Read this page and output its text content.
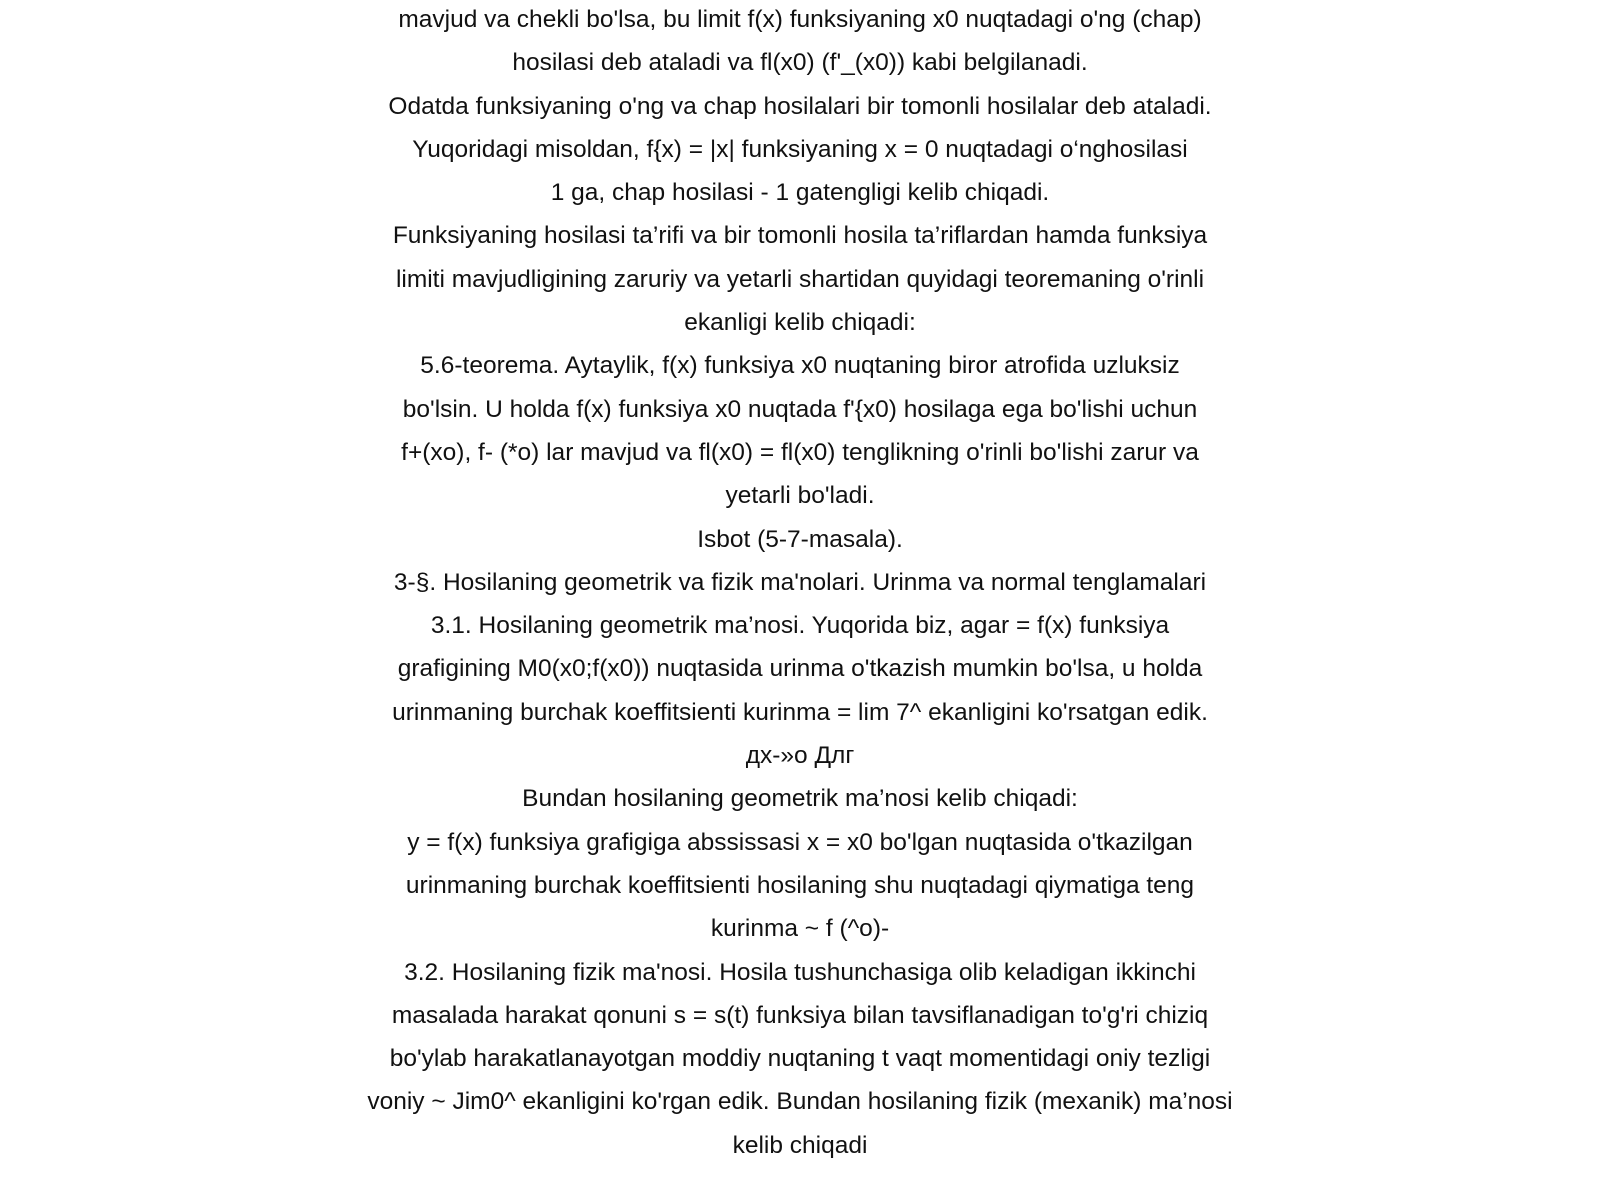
mavjud va chekli bo'lsa, bu limit f(x) funksiyaning x0 nuqtadagi o'ng (chap)
hosilasi deb ataladi va fl(x0) (f'_(x0)) kabi belgilanadi.
Odatda funksiyaning o'ng va chap hosilalari bir tomonli hosilalar deb ataladi.
Yuqoridagi misoldan, f{x) = |x| funksiyaning x = 0 nuqtadagi o‘nghosilasi
1 ga, chap hosilasi - 1 gatengligi kelib chiqadi.
Funksiyaning hosilasi ta’rifi va bir tomonli hosila ta’riflardan hamda funksiya
limiti mavjudligining zaruriy va yetarli shartidan quyidagi teoremaning o'rinli
ekanligi kelib chiqadi:
5.6-teorema. Aytaylik, f(x) funksiya x0 nuqtaning biror atrofida uzluksiz
bo'lsin. U holda f(x) funksiya x0 nuqtada f'{x0) hosilaga ega bo'lishi uchun
f+(xo), f- (*o) lar mavjud va fl(x0) = fl(x0) tenglikning o'rinli bo'lishi zarur va
yetarli bo'ladi.
Isbot (5-7-masala).
3-§. Hosilaning geometrik va fizik ma'nolari. Urinma va normal tenglamalari
3.1. Hosilaning geometrik ma’nosi. Yuqorida biz, agar = f(x) funksiya
grafigining M0(x0;f(x0)) nuqtasida urinma o'tkazish mumkin bo'lsa, u holda
urinmaning burchak koeffitsienti kurinma = lim 7^ ekanligini ko'rsatgan edik.
дх-»o Длг
Bundan hosilaning geometrik ma’nosi kelib chiqadi:
y = f(x) funksiya grafigiga abssissasi x = x0 bo'lgan nuqtasida o'tkazilgan
urinmaning burchak koeffitsienti hosilaning shu nuqtadagi qiymatiga teng
kurinma ~ f (^o)-
3.2. Hosilaning fizik ma'nosi. Hosila tushunchasiga olib keladigan ikkinchi
masalada harakat qonuni s = s(t) funksiya bilan tavsiflanadigan to'g'ri chiziq
bo'ylab harakatlanayotgan moddiy nuqtaning t vaqt momentidagi oniy tezligi
voniy ~ Jim0^ ekanligini ko'rgan edik. Bundan hosilaning fizik (mexanik) ma’nosi
kelib chiqadi
